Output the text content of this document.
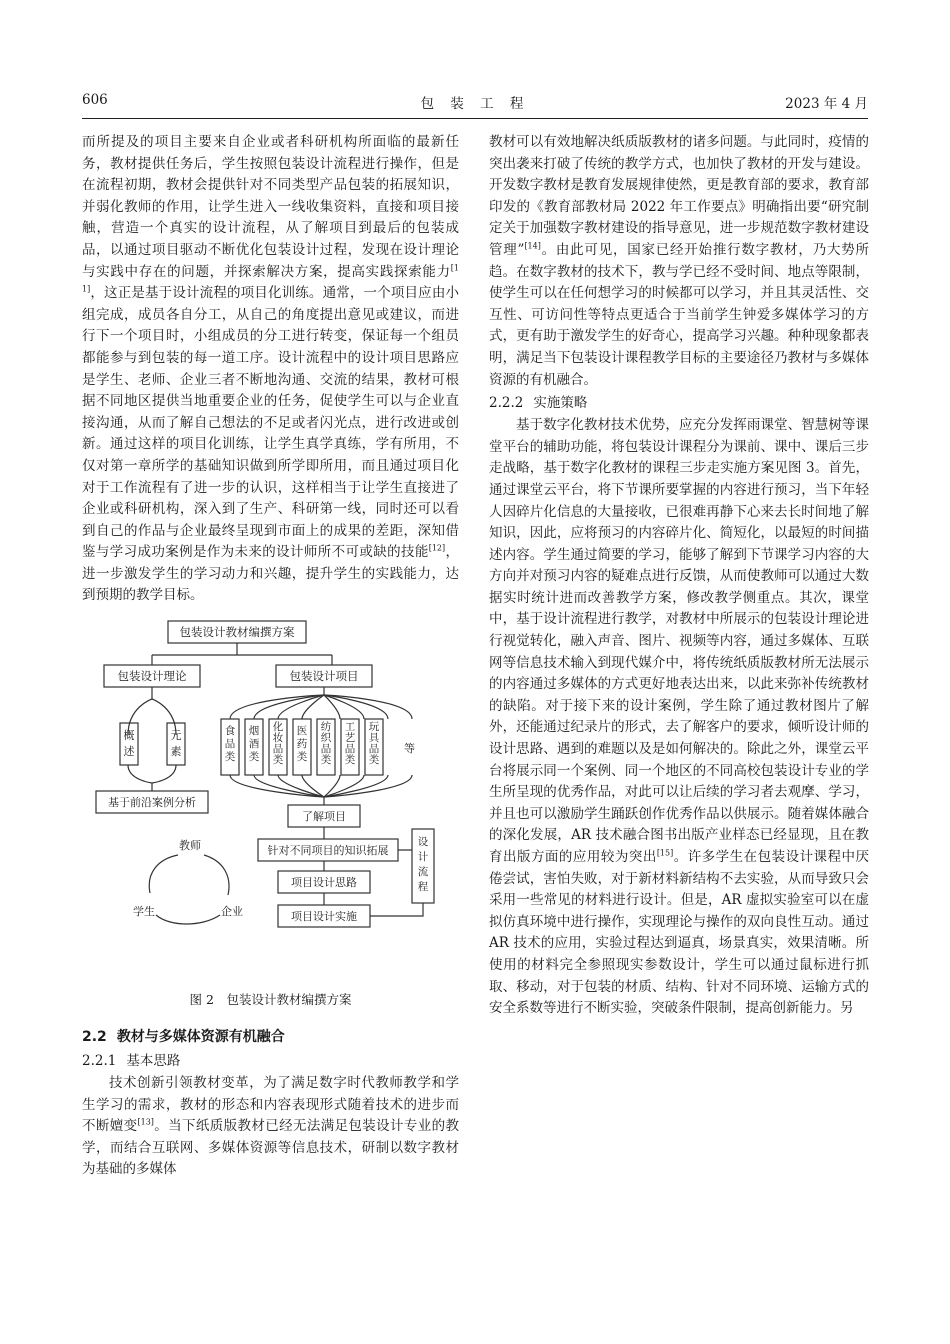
606	包 装 工 程	2023 年 4 月

而所提及的项目主要来自企业或者科研机构所面临的最新任务，教材提供任务后，学生按照包装设计流程进行操作，但是在流程初期，教材会提供针对不同类型产品包装的拓展知识，并弱化教师的作用，让学生进入一线收集资料，直接和项目接触，营造一个真实的设计流程，从了解项目到最后的包装成品，以通过项目驱动不断优化包装设计过程，发现在设计理论与实践中存在的问题，并探索解决方案，提高实践探索能力[11]，这正是基于设计流程的项目化训练。通常，一个项目应由小组完成，成员各自分工，从自己的角度提出意见或建议，而进行下一个项目时，小组成员的分工进行转变，保证每一个组员都能参与到包装的每一道工序。设计流程中的设计项目思路应是学生、老师、企业三者不断地沟通、交流的结果，教材可根据不同地区提供当地重要企业的任务，促使学生可以与企业直接沟通，从而了解自己想法的不足或者闪光点，进行改进或创新。通过这样的项目化训练，让学生真学真练，学有所用，不仅对第一章所学的基础知识做到所学即所用，而且通过项目化对于工作流程有了进一步的认识，这样相当于让学生直接进了企业或科研机构，深入到了生产、科研第一线，同时还可以看到自己的作品与企业最终呈现到市面上的成果的差距，深知借鉴与学习成功案例是作为未来的设计师所不可或缺的技能[12]，进一步激发学生的学习动力和兴趣，提升学生的实践能力，达到预期的教学目标。

包装设计教材编撰方案
包装设计理论	包装设计项目
概
述
元
素
基于前沿案例分析
食
品
类
烟
酒
类
化
妆
品
类
医
药
类
纺
织
品
类
工
艺
品
类
玩
具
品
类
等
了解项目
针对不同项目的知识拓展
项目设计思路
项目设计实施
设
计
流
程
教师
学生	企业
图 2　包装设计教材编撰方案

2.2 教材与多媒体资源有机融合

2.2.1 基本思路

技术创新引领教材变革，为了满足数字时代教师教学和学生学习的需求，教材的形态和内容表现形式随着技术的进步而不断嬗变[13]。当下纸质版教材已经无法满足包装设计专业的教学，而结合互联网、多媒体资源等信息技术，研制以数字教材为基础的多媒体

教材可以有效地解决纸质版教材的诸多问题。与此同时，疫情的突出袭来打破了传统的教学方式，也加快了教材的开发与建设。开发数字教材是教育发展规律使然，更是教育部的要求，教育部印发的《教育部教材局 2022 年工作要点》明确指出要“研究制定关于加强数字教材建设的指导意见，进一步规范数字教材建设管理”[14]。由此可见，国家已经开始推行数字教材，乃大势所趋。在数字教材的技术下，教与学已经不受时间、地点等限制，使学生可以在任何想学习的时候都可以学习，并且其灵活性、交互性、可访问性等特点更适合于当前学生钟爱多媒体学习的方式，更有助于激发学生的好奇心，提高学习兴趣。种种现象都表明，满足当下包装设计课程教学目标的主要途径乃教材与多媒体资源的有机融合。

2.2.2 实施策略

基于数字化教材技术优势，应充分发挥雨课堂、智慧树等课堂平台的辅助功能，将包装设计课程分为课前、课中、课后三步走战略，基于数字化教材的课程三步走实施方案见图 3。首先，通过课堂云平台，将下节课所要掌握的内容进行预习，当下年轻人因碎片化信息的大量接收，已很难再静下心来去长时间地了解知识，因此，应将预习的内容碎片化、简短化，以最短的时间描述内容。学生通过简要的学习，能够了解到下节课学习内容的大方向并对预习内容的疑难点进行反馈，从而使教师可以通过大数据实时统计进而改善教学方案，修改教学侧重点。其次，课堂中，基于设计流程进行教学，对教材中所展示的包装设计理论进行视觉转化，融入声音、图片、视频等内容，通过多媒体、互联网等信息技术输入到现代媒介中，将传统纸质版教材所无法展示的内容通过多媒体的方式更好地表达出来，以此来弥补传统教材的缺陷。对于接下来的设计案例，学生除了通过教材图片了解外，还能通过纪录片的形式，去了解客户的要求，倾听设计师的设计思路、遇到的难题以及是如何解决的。除此之外，课堂云平台将展示同一个案例、同一个地区的不同高校包装设计专业的学生所呈现的优秀作品，对此可以让后续的学习者去观摩、学习，并且也可以激励学生踊跃创作优秀作品以供展示。随着媒体融合的深化发展，AR 技术融合图书出版产业样态已经显现，且在教育出版方面的应用较为突出[15]。许多学生在包装设计课程中厌倦尝试，害怕失败，对于新材料新结构不去实验，从而导致只会采用一些常见的材料进行设计。但是，AR 虚拟实验室可以在虚拟仿真环境中进行操作，实现理论与操作的双向良性互动。通过 AR 技术的应用，实验过程达到逼真，场景真实，效果清晰。所使用的材料完全参照现实参数设计，学生可以通过鼠标进行抓取、移动，对于包装的材质、结构、针对不同环境、运输方式的安全系数等进行不断实验，突破条件限制，提高创新能力。另
